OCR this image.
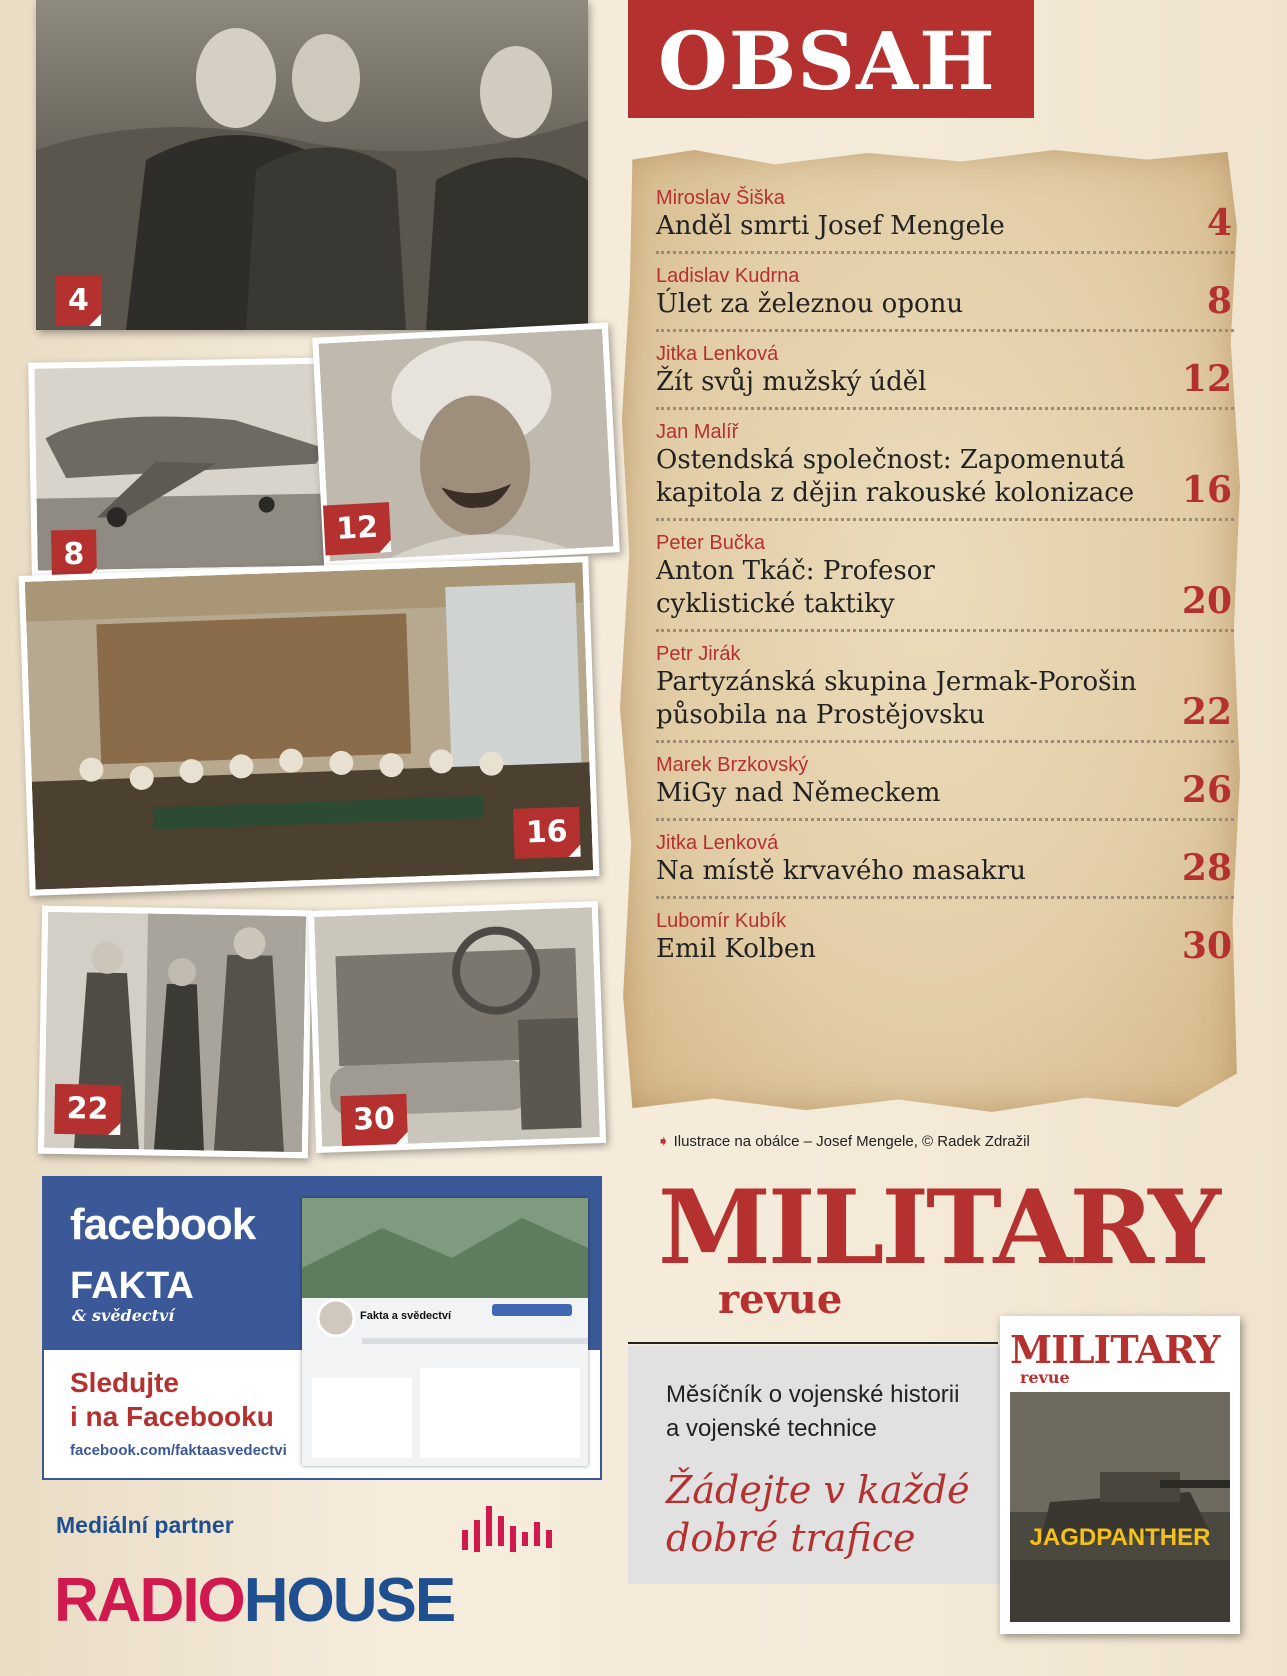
4
8
12
16
22	30
OBSAH
Miroslav Šiška
Anděl smrti Josef Mengele	4
Ladislav Kudrna
Úlet za železnou oponu	8
Jitka Lenková
Žít svůj mužský úděl	12
Jan Malíř
Ostendská společnost: Zapomenutá kapitola z dějin rakouské kolonizace	16
Peter Bučka
Anton Tkáč: Profesor cyklistické taktiky	20
Petr Jirák
Partyzánská skupina Jermak-Porošin působila na Prostějovsku	22
Marek Brzkovský
MiGy nad Německem	26
Jitka Lenková
Na místě krvavého masakru	28
Lubomír Kubík
Emil Kolben	30
➧ Ilustrace na obálce – Josef Mengele, © Radek Zdražil
MILITARY
revue
Měsíčník o vojenské historii
a vojenské technice
Žádejte v každé
dobré trafice
MILITARY
revue
JAGDPANTHER
facebook
FAKTA
& svědectví
Sledujte
i na Facebooku
facebook.com/faktaasvedectvi
Fakta a svědectví
Mediální partner
RADIOHOUSE
